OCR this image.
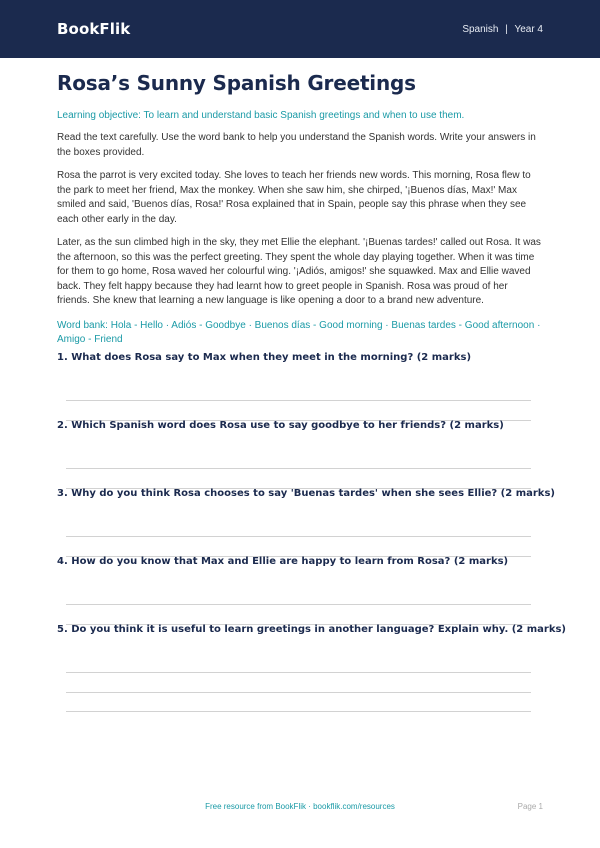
BookFlik	Spanish | Year 4
Rosa’s Sunny Spanish Greetings

Learning objective: To learn and understand basic Spanish greetings and when to use them.

Read the text carefully. Use the word bank to help you understand the Spanish words. Write your answers in the boxes provided.

Rosa the parrot is very excited today. She loves to teach her friends new words. This morning, Rosa flew to the park to meet her friend, Max the monkey. When she saw him, she chirped, '¡Buenos días, Max!' Max smiled and said, 'Buenos días, Rosa!' Rosa explained that in Spain, people say this phrase when they see each other early in the day.

Later, as the sun climbed high in the sky, they met Ellie the elephant. '¡Buenas tardes!' called out Rosa. It was the afternoon, so this was the perfect greeting. They spent the whole day playing together. When it was time for them to go home, Rosa waved her colourful wing. '¡Adiós, amigos!' she squawked. Max and Ellie waved back. They felt happy because they had learnt how to greet people in Spanish. Rosa was proud of her friends. She knew that learning a new language is like opening a door to a brand new adventure.

Word bank: Hola - Hello · Adiós - Goodbye · Buenos días - Good morning · Buenas tardes - Good afternoon · Amigo - Friend

1. What does Rosa say to Max when they meet in the morning? (2 marks)

2. Which Spanish word does Rosa use to say goodbye to her friends? (2 marks)

3. Why do you think Rosa chooses to say 'Buenas tardes' when she sees Ellie? (2 marks)

4. How do you know that Max and Ellie are happy to learn from Rosa? (2 marks)

5. Do you think it is useful to learn greetings in another language? Explain why. (2 marks)

Free resource from BookFlik · bookflik.com/resources	Page 1
